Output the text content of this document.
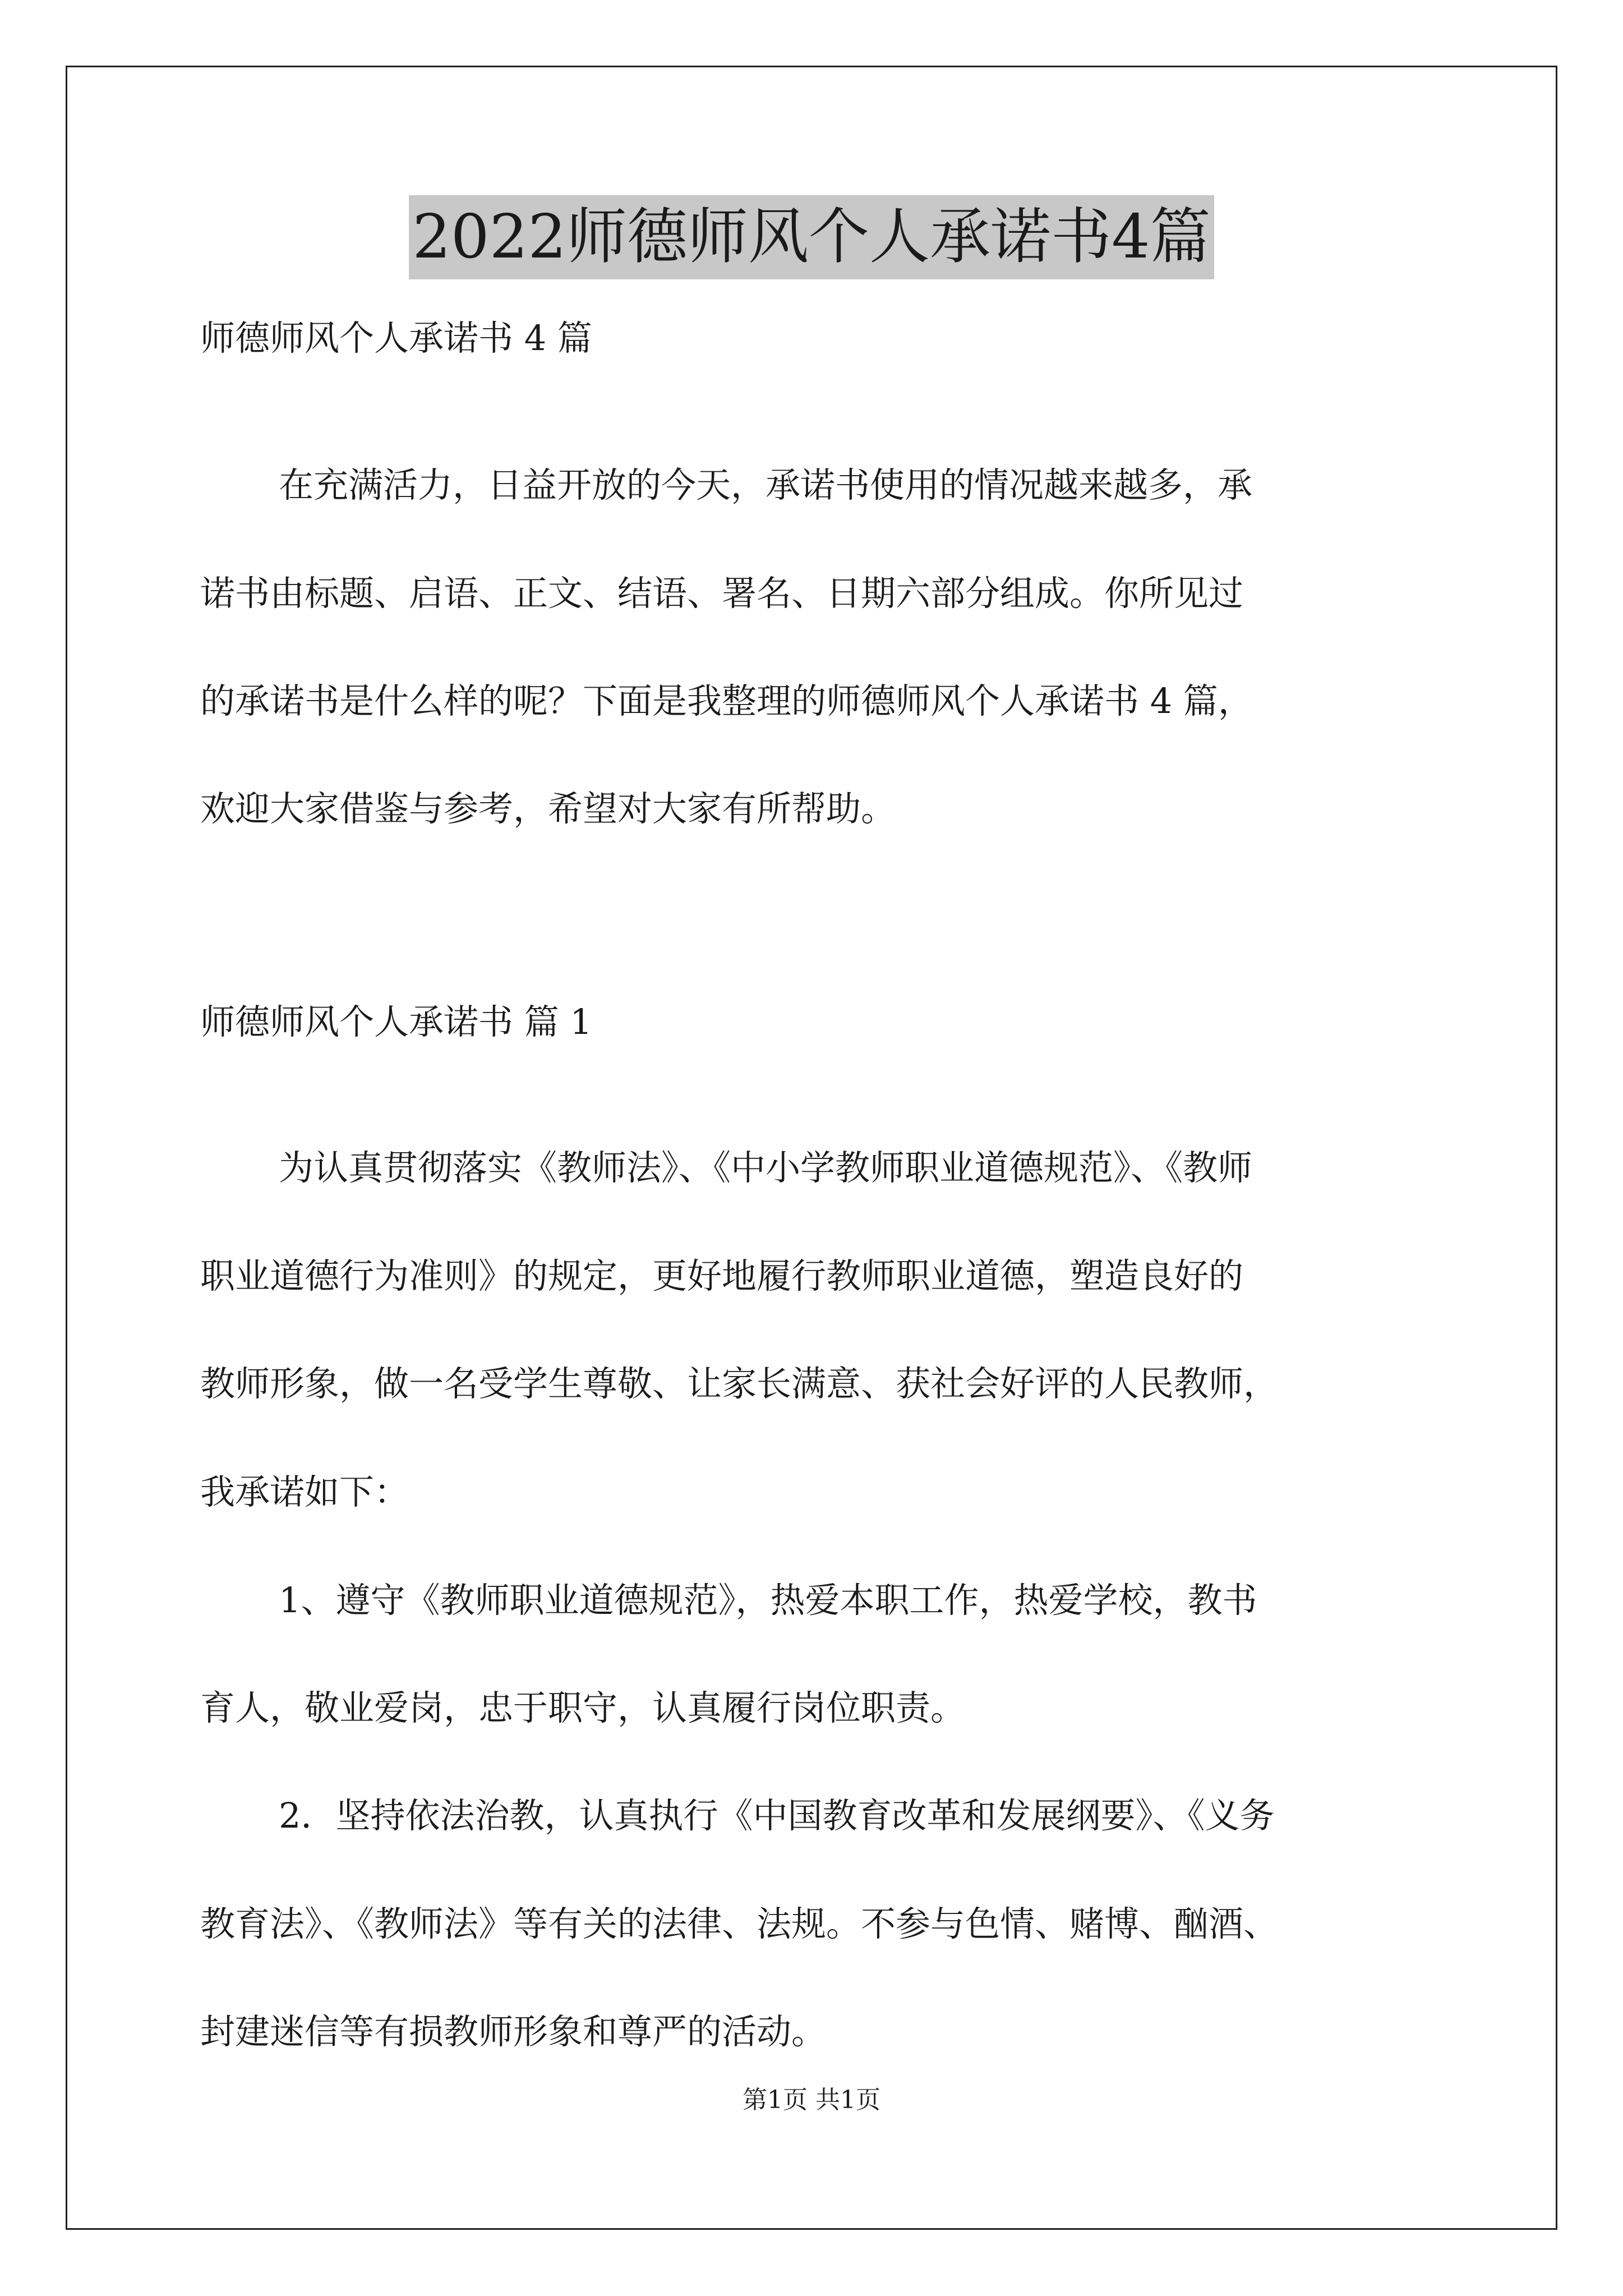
2022师德师风个人承诺书4篇
师德师风个人承诺书 4 篇
在充满活力，日益开放的今天，承诺书使用的情况越来越多，承
诺书由标题、启语、正文、结语、署名、日期六部分组成。你所见过
的承诺书是什么样的呢？下面是我整理的师德师风个人承诺书 4 篇，
欢迎大家借鉴与参考，希望对大家有所帮助。
师德师风个人承诺书 篇 1
为认真贯彻落实《教师法》、《中小学教师职业道德规范》、《教师
职业道德行为准则》的规定，更好地履行教师职业道德，塑造良好的
教师形象，做一名受学生尊敬、让家长满意、获社会好评的人民教师，
我承诺如下：
1、遵守《教师职业道德规范》，热爱本职工作，热爱学校，教书
育人，敬业爱岗，忠于职守，认真履行岗位职责。
2．坚持依法治教，认真执行《中国教育改革和发展纲要》、《义务
教育法》、《教师法》等有关的法律、法规。不参与色情、赌博、酗酒、
封建迷信等有损教师形象和尊严的活动。
第1页 共1页
